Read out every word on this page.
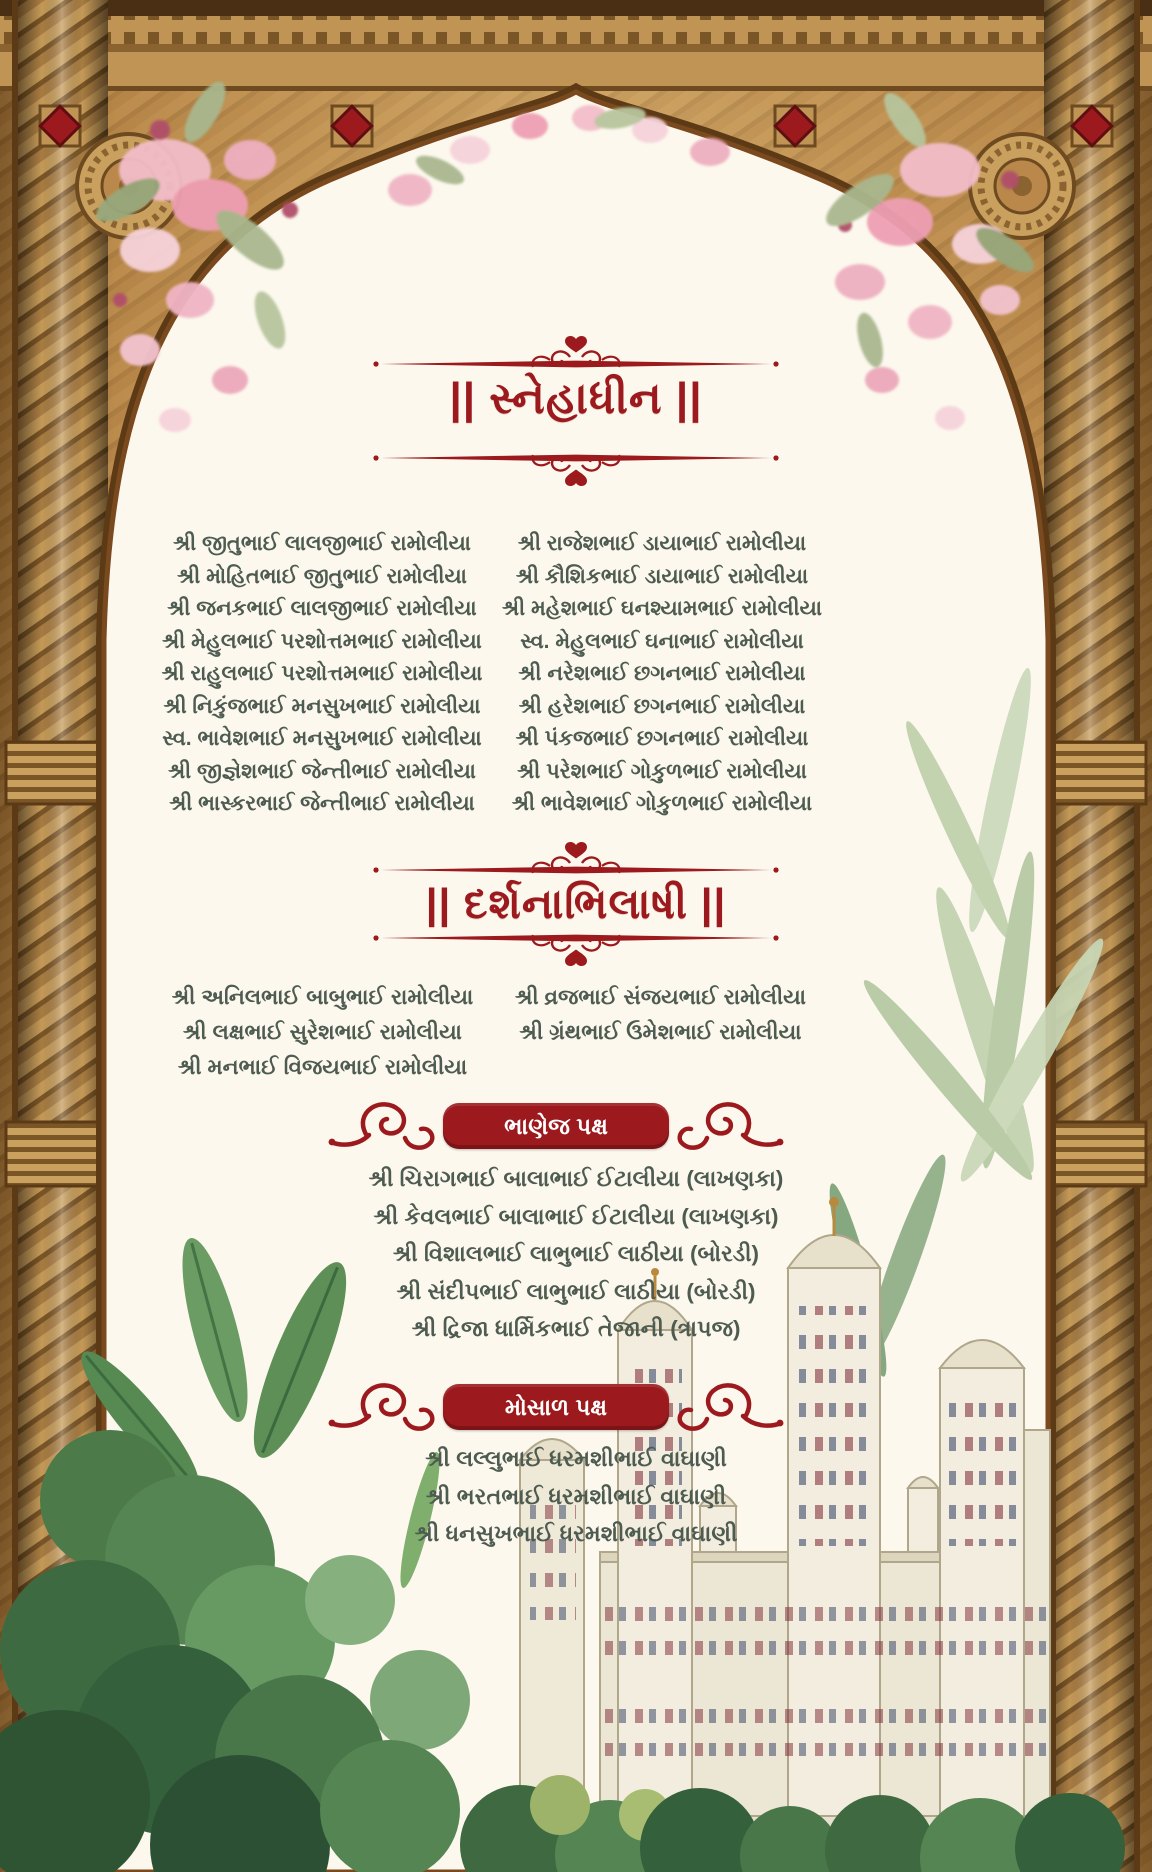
|| સ્નેહાધીન ||
શ્રી જીતુભાઈ લાલજીભાઈ રામોલીયા
શ્રી મોહિતભાઈ જીતુભાઈ રામોલીયા
શ્રી જનકભાઈ લાલજીભાઈ રામોલીયા
શ્રી મેહુલભાઈ પરશોત્તમભાઈ રામોલીયા
શ્રી રાહુલભાઈ પરશોત્તમભાઈ રામોલીયા
શ્રી નિકુંજભાઈ મનસુખભાઈ રામોલીયા
સ્વ. ભાવેશભાઈ મનસુખભાઈ રામોલીયા
શ્રી જીજ્ઞેશભાઈ જેન્તીભાઈ રામોલીયા
શ્રી ભાસ્કરભાઈ જેન્તીભાઈ રામોલીયા
શ્રી રાજેશભાઈ ડાયાભાઈ રામોલીયા
શ્રી કૌશિકભાઈ ડાયાભાઈ રામોલીયા
શ્રી મહેશભાઈ ઘનશ્યામભાઈ રામોલીયા
સ્વ. મેહુલભાઈ ઘનાભાઈ રામોલીયા
શ્રી નરેશભાઈ છગનભાઈ રામોલીયા
શ્રી હરેશભાઈ છગનભાઈ રામોલીયા
શ્રી પંકજભાઈ છગનભાઈ રામોલીયા
શ્રી પરેશભાઈ ગોકુળભાઈ રામોલીયા
શ્રી ભાવેશભાઈ ગોકુળભાઈ રામોલીયા
|| દર્શનાભિલાષી ||
શ્રી અનિલભાઈ બાબુભાઈ રામોલીયા
શ્રી લક્ષભાઈ સુરેશભાઈ રામોલીયા
શ્રી મનભાઈ વિજયભાઈ રામોલીયા
શ્રી વ્રજભાઈ સંજયભાઈ રામોલીયા
શ્રી ગ્રંથભાઈ ઉમેશભાઈ રામોલીયા
ભાણેજ પક્ષ
શ્રી ચિરાગભાઈ બાલાભાઈ ઈટાલીયા (લાખણકા)
શ્રી કેવલભાઈ બાલાભાઈ ઈટાલીયા (લાખણકા)
શ્રી વિશાલભાઈ લાભુભાઈ લાઠીયા (બોરડી)
શ્રી સંદીપભાઈ લાભુભાઈ લાઠીયા (બોરડી)
શ્રી દ્રિજા ધાર્મિકભાઈ તેજાની (ત્રાપજ)
મોસાળ પક્ષ
શ્રી લલ્લુભાઈ ધરમશીભાઈ વાઘાણી
શ્રી ભરતભાઈ ધરમશીભાઈ વાઘાણી
શ્રી ધનસુખભાઈ ધરમશીભાઈ વાઘાણી
